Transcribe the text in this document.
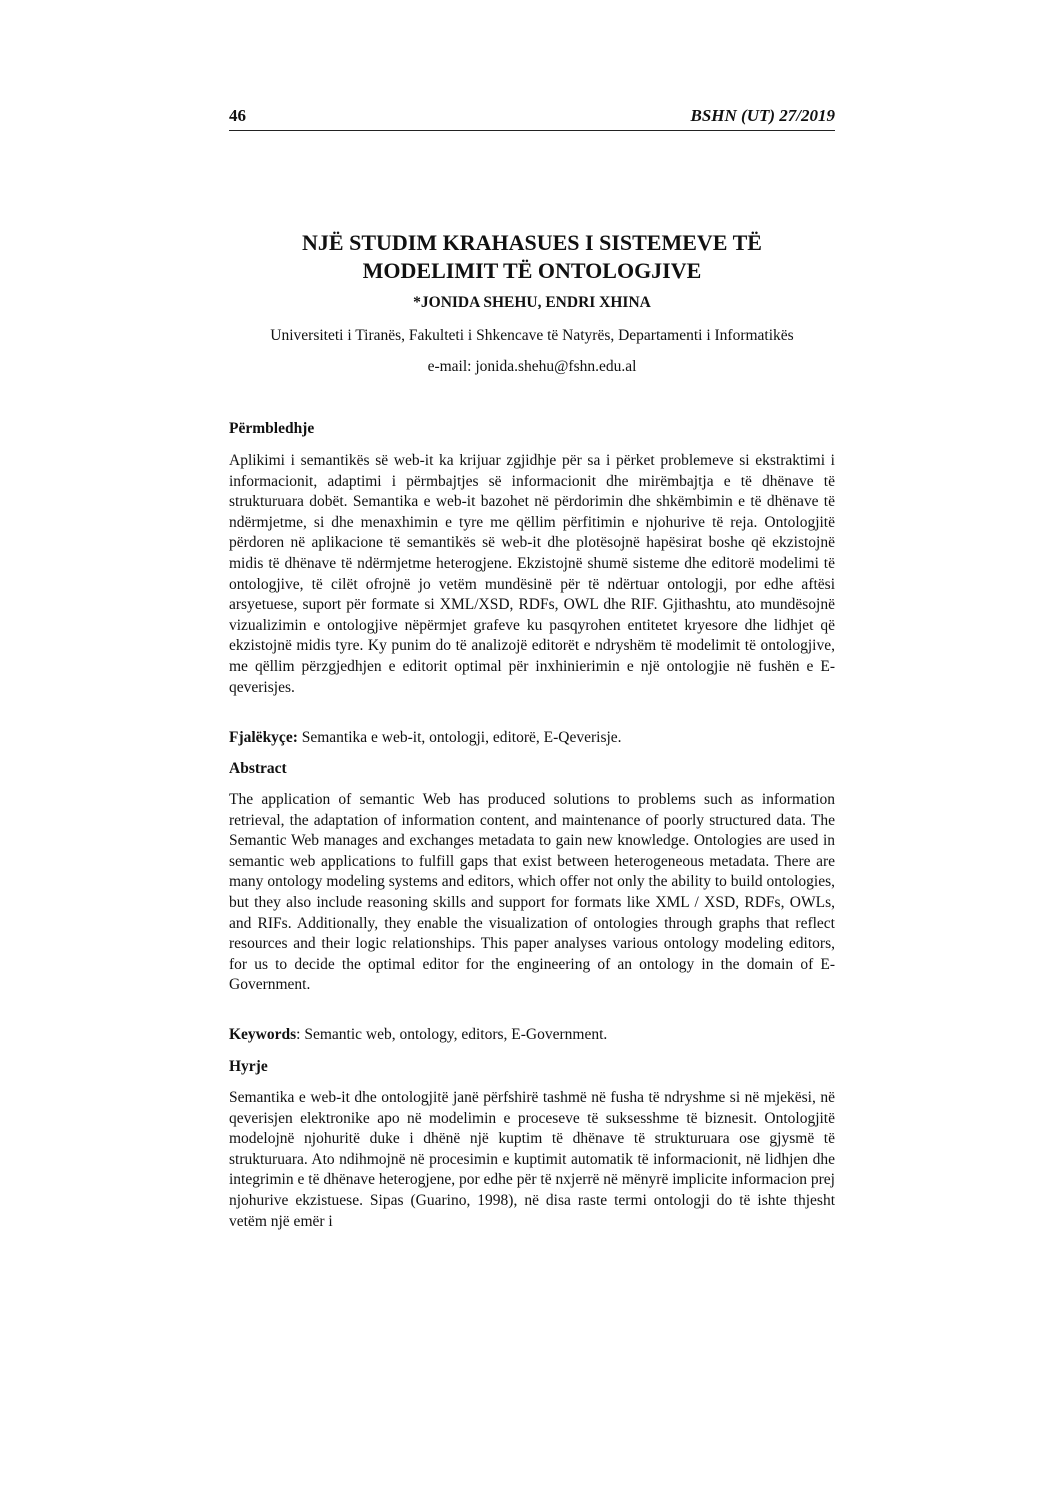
46	BSHN (UT) 27/2019
NJË STUDIM KRAHASUES I SISTEMEVE TË
MODELIMIT TË ONTOLOGJIVE
*JONIDA SHEHU, ENDRI XHINA
Universiteti i Tiranës, Fakulteti i Shkencave të Natyrës, Departamenti i Informatikës
e-mail: jonida.shehu@fshn.edu.al
Përmbledhje

Aplikimi i semantikës së web-it ka krijuar zgjidhje për sa i përket problemeve si ekstraktimi i informacionit, adaptimi i përmbajtjes së informacionit dhe mirëmbajtja e të dhënave të strukturuara dobët. Semantika e web-it bazohet në përdorimin dhe shkëmbimin e të dhënave të ndërmjetme, si dhe menaxhimin e tyre me qëllim përfitimin e njohurive të reja. Ontologjitë përdoren në aplikacione të semantikës së web-it dhe plotësojnë hapësirat boshe që ekzistojnë midis të dhënave të ndërmjetme heterogjene. Ekzistojnë shumë sisteme dhe editorë modelimi të ontologjive, të cilët ofrojnë jo vetëm mundësinë për të ndërtuar ontologji, por edhe aftësi arsyetuese, suport për formate si XML/XSD, RDFs, OWL dhe RIF. Gjithashtu, ato mundësojnë vizualizimin e ontologjive nëpërmjet grafeve ku pasqyrohen entitetet kryesore dhe lidhjet që ekzistojnë midis tyre. Ky punim do të analizojë editorët e ndryshëm të modelimit të ontologjive, me qëllim përzgjedhjen e editorit optimal për inxhinierimin e një ontologjie në fushën e E-qeverisjes.

Fjalëkyçe: Semantika e web-it, ontologji, editorë, E-Qeverisje.
Abstract

The application of semantic Web has produced solutions to problems such as information retrieval, the adaptation of information content, and maintenance of poorly structured data. The Semantic Web manages and exchanges metadata to gain new knowledge. Ontologies are used in semantic web applications to fulfill gaps that exist between heterogeneous metadata. There are many ontology modeling systems and editors, which offer not only the ability to build ontologies, but they also include reasoning skills and support for formats like XML / XSD, RDFs, OWLs, and RIFs. Additionally, they enable the visualization of ontologies through graphs that reflect resources and their logic relationships. This paper analyses various ontology modeling editors, for us to decide the optimal editor for the engineering of an ontology in the domain of E-Government.

Keywords: Semantic web, ontology, editors, E-Government.
Hyrje

Semantika e web-it dhe ontologjitë janë përfshirë tashmë në fusha të ndryshme si në mjekësi, në qeverisjen elektronike apo në modelimin e proceseve të suksesshme të biznesit. Ontologjitë modelojnë njohuritë duke i dhënë një kuptim të dhënave të strukturuara ose gjysmë të strukturuara. Ato ndihmojnë në procesimin e kuptimit automatik të informacionit, në lidhjen dhe integrimin e të dhënave heterogjene, por edhe për të nxjerrë në mënyrë implicite informacion prej njohurive ekzistuese. Sipas (Guarino, 1998), në disa raste termi ontologji do të ishte thjesht vetëm një emër i
